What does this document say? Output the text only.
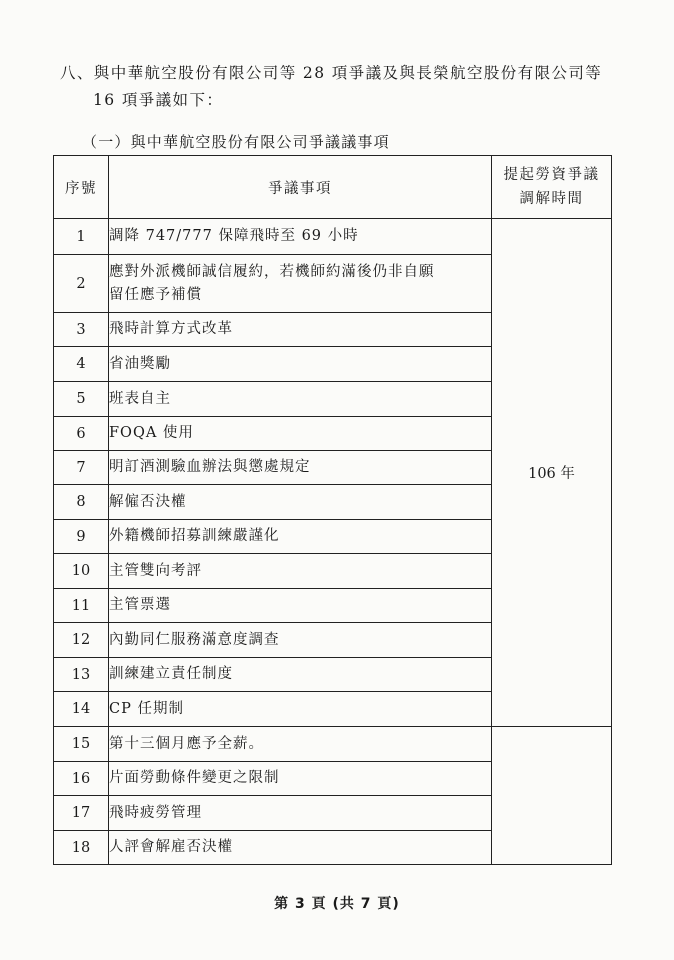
八、與中華航空股份有限公司等 28 項爭議及與長榮航空股份有限公司等
16 項爭議如下：
（一）與中華航空股份有限公司爭議議事項
序號	爭議事項	提起勞資爭議
調解時間

1	調降 747/777 保障飛時至 69 小時	106 年
2	應對外派機師誠信履約，若機師約滿後仍非自願
留任應予補償	

3	飛時計算方式改革	
4	省油獎勵	
5	班表自主	
6	FOQA 使用	
7	明訂酒測驗血辦法與懲處規定	
8	解僱否決權	
9	外籍機師招募訓練嚴謹化	
10	主管雙向考評	
11	主管票選	
12	內勤同仁服務滿意度調查	
13	訓練建立責任制度	
14	CP 任期制	
15	第十三個月應予全薪。	
16	片面勞動條件變更之限制	
17	飛時疲勞管理	
18	人評會解雇否決權	
第 3 頁 (共 7 頁)
